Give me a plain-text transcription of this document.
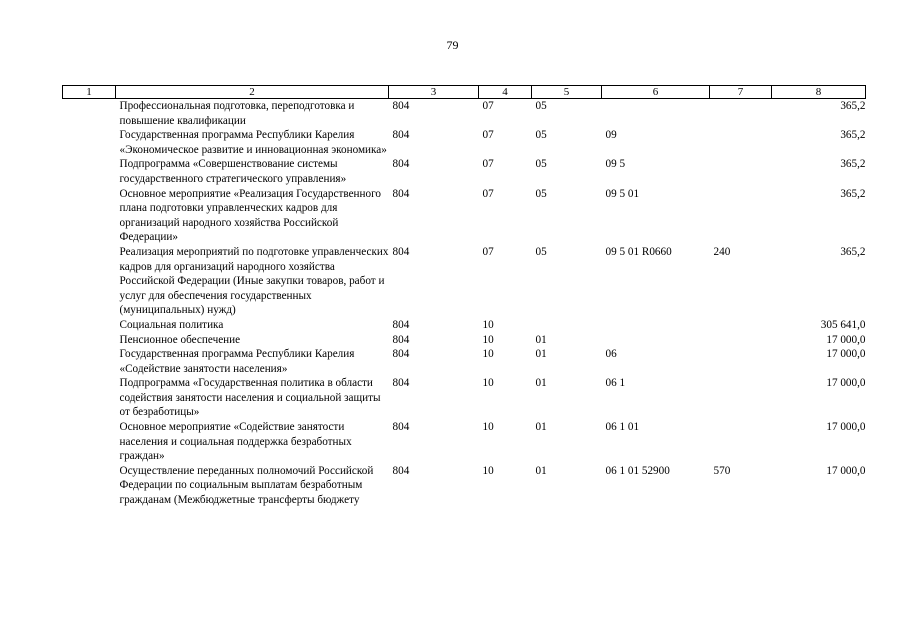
79
1	2	3	4	5	6	7	8
	Профессиональная подготовка, переподготовка и повышение квалификации	804	07	05			365,2
	Государственная программа Республики Карелия «Экономическое развитие и инновационная экономика»	804	07	05	09		365,2
	Подпрограмма «Совершенствование системы государственного стратегического управления»	804	07	05	09 5		365,2
	Основное мероприятие «Реализация Государственного плана подготовки управленческих кадров для организаций народного хозяйства Российской Федерации»	804	07	05	09 5 01		365,2
	Реализация мероприятий по подготовке управленческих кадров для организаций народного хозяйства Российской Федерации (Иные закупки товаров, работ и услуг для обеспечения государственных (муниципальных) нужд)	804	07	05	09 5 01 R0660	240	365,2
	Социальная политика	804	10				305 641,0
	Пенсионное обеспечение	804	10	01			17 000,0
	Государственная программа Республики Карелия «Содействие занятости населения»	804	10	01	06		17 000,0
	Подпрограмма «Государственная политика в области содействия занятости населения и социальной защиты от безработицы»	804	10	01	06 1		17 000,0
	Основное мероприятие «Содействие занятости населения и социальная поддержка безработных граждан»	804	10	01	06 1 01		17 000,0
	Осуществление переданных полномочий Российской Федерации по социальным выплатам безработным гражданам (Межбюджетные трансферты бюджету	804	10	01	06 1 01 52900	570	17 000,0
